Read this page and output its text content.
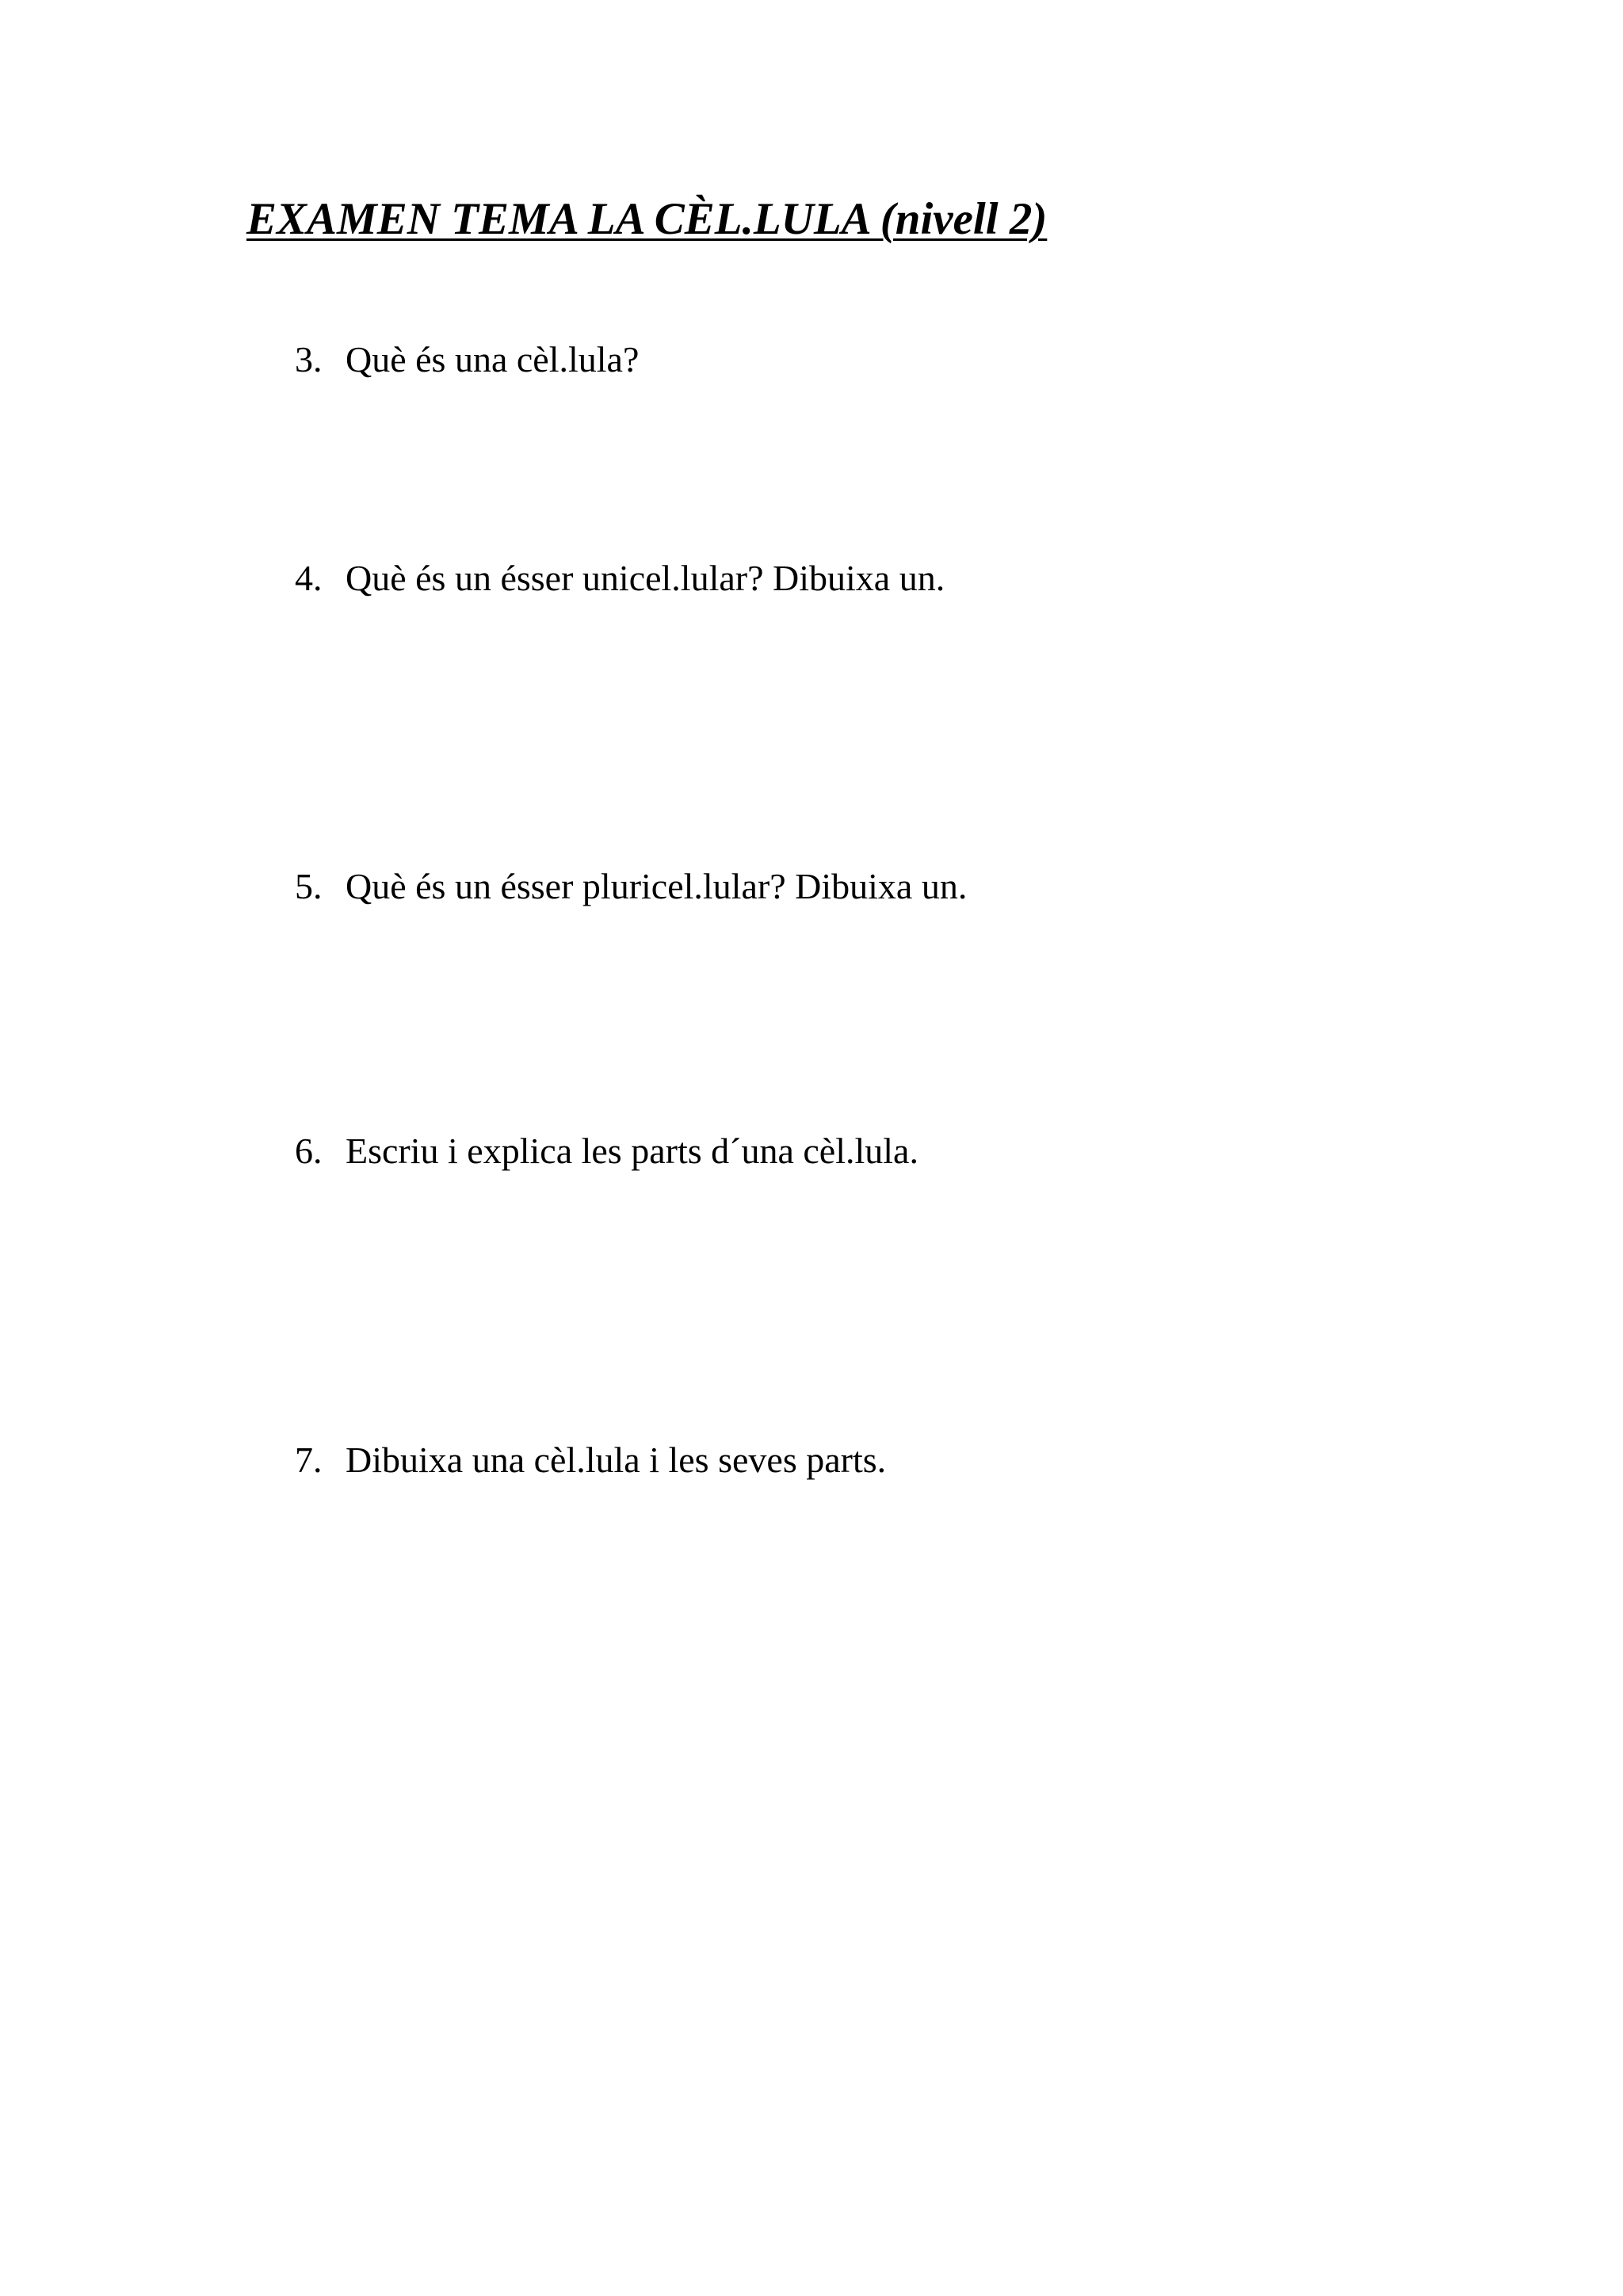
EXAMEN TEMA LA CÈL.LULA (nivell 2)
3. Què és una cèl.lula?
4. Què és un ésser unicel.lular? Dibuixa un.
5. Què és un ésser pluricel.lular? Dibuixa un.
6. Escriu i explica les parts d´una cèl.lula.
7. Dibuixa una cèl.lula i les seves parts.
